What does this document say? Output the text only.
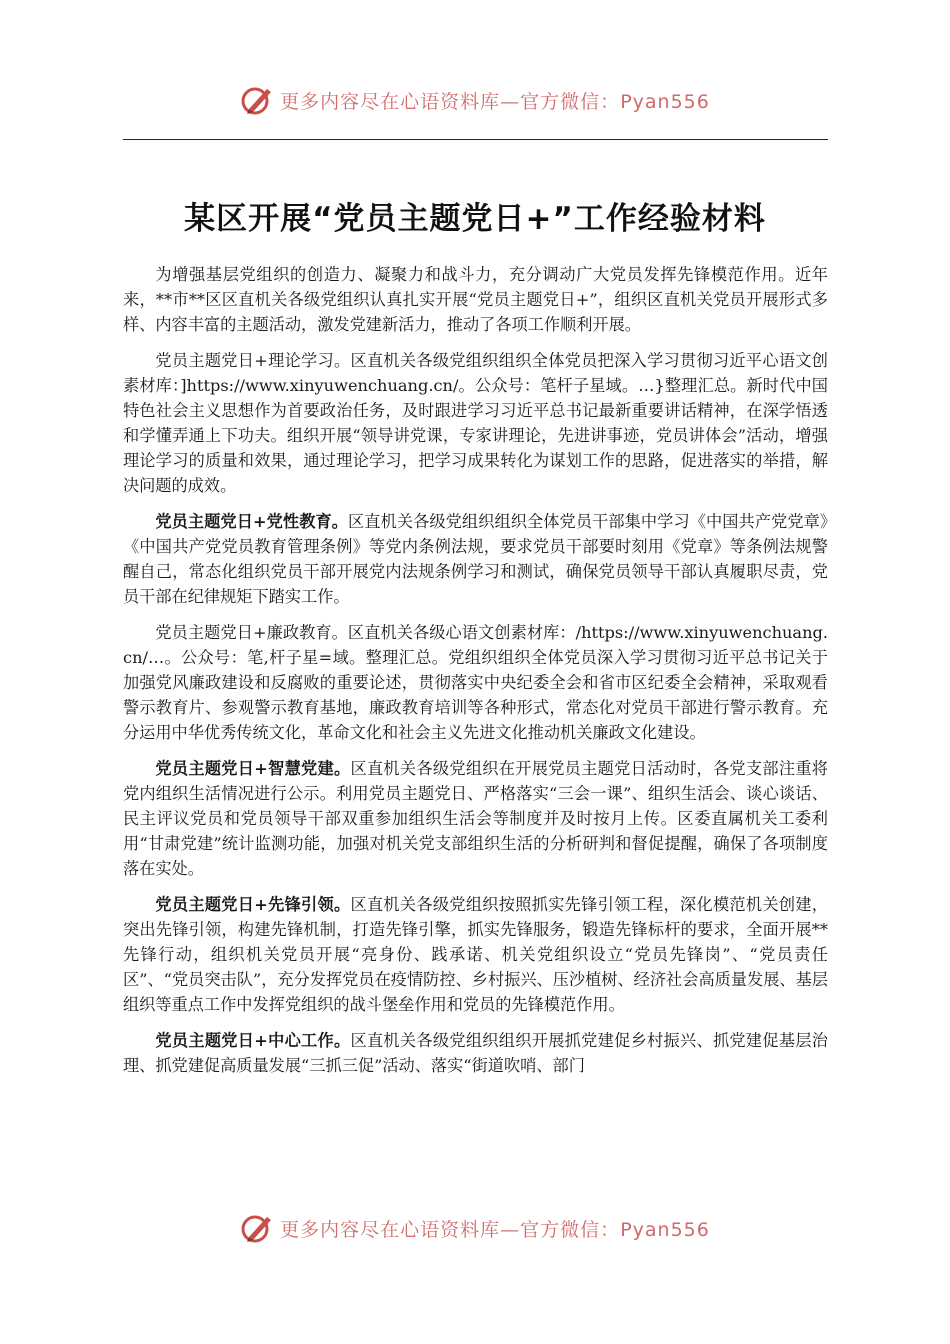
更多内容尽在心语资料库—官方微信：Pyan556
某区开展“党员主题党日+”工作经验材料

为增强基层党组织的创造力、凝聚力和战斗力，充分调动广大党员发挥先锋模范作用。近年来，**市**区区直机关各级党组织认真扎实开展“党员主题党日+”，组织区直机关党员开展形式多样、内容丰富的主题活动，激发党建新活力，推动了各项工作顺利开展。

党员主题党日+理论学习。区直机关各级党组织组织全体党员把深入学习贯彻习近平心语文创素材库：]https://www.xinyuwenchuang.cn/。公众号：笔杆子星域。…}整理汇总。新时代中国特色社会主义思想作为首要政治任务，及时跟进学习习近平总书记最新重要讲话精神，在深学悟透和学懂弄通上下功夫。组织开展“领导讲党课，专家讲理论，先进讲事迹，党员讲体会”活动，增强理论学习的质量和效果，通过理论学习，把学习成果转化为谋划工作的思路，促进落实的举措，解决问题的成效。

党员主题党日+党性教育。区直机关各级党组织组织全体党员干部集中学习《中国共产党党章》《中国共产党党员教育管理条例》等党内条例法规，要求党员干部要时刻用《党章》等条例法规警醒自己，常态化组织党员干部开展党内法规条例学习和测试，确保党员领导干部认真履职尽责，党员干部在纪律规矩下踏实工作。

党员主题党日+廉政教育。区直机关各级心语文创素材库：/https://www.xinyuwenchuang.cn/…。公众号：笔,杆子星=域。整理汇总。党组织组织全体党员深入学习贯彻习近平总书记关于加强党风廉政建设和反腐败的重要论述，贯彻落实中央纪委全会和省市区纪委全会精神，采取观看警示教育片、参观警示教育基地，廉政教育培训等各种形式，常态化对党员干部进行警示教育。充分运用中华优秀传统文化，革命文化和社会主义先进文化推动机关廉政文化建设。

党员主题党日+智慧党建。区直机关各级党组织在开展党员主题党日活动时，各党支部注重将党内组织生活情况进行公示。利用党员主题党日、严格落实“三会一课”、组织生活会、谈心谈话、民主评议党员和党员领导干部双重参加组织生活会等制度并及时按月上传。区委直属机关工委利用“甘肃党建”统计监测功能，加强对机关党支部组织生活的分析研判和督促提醒，确保了各项制度落在实处。

党员主题党日+先锋引领。区直机关各级党组织按照抓实先锋引领工程，深化模范机关创建，突出先锋引领，构建先锋机制，打造先锋引擎，抓实先锋服务，锻造先锋标杆的要求，全面开展**先锋行动，组织机关党员开展“亮身份、践承诺、机关党组织设立“党员先锋岗”、“党员责任区”、“党员突击队”，充分发挥党员在疫情防控、乡村振兴、压沙植树、经济社会高质量发展、基层组织等重点工作中发挥党组织的战斗堡垒作用和党员的先锋模范作用。

党员主题党日+中心工作。区直机关各级党组织组织开展抓党建促乡村振兴、抓党建促基层治理、抓党建促高质量发展“三抓三促”活动、落实“街道吹哨、部门

更多内容尽在心语资料库—官方微信：Pyan556
